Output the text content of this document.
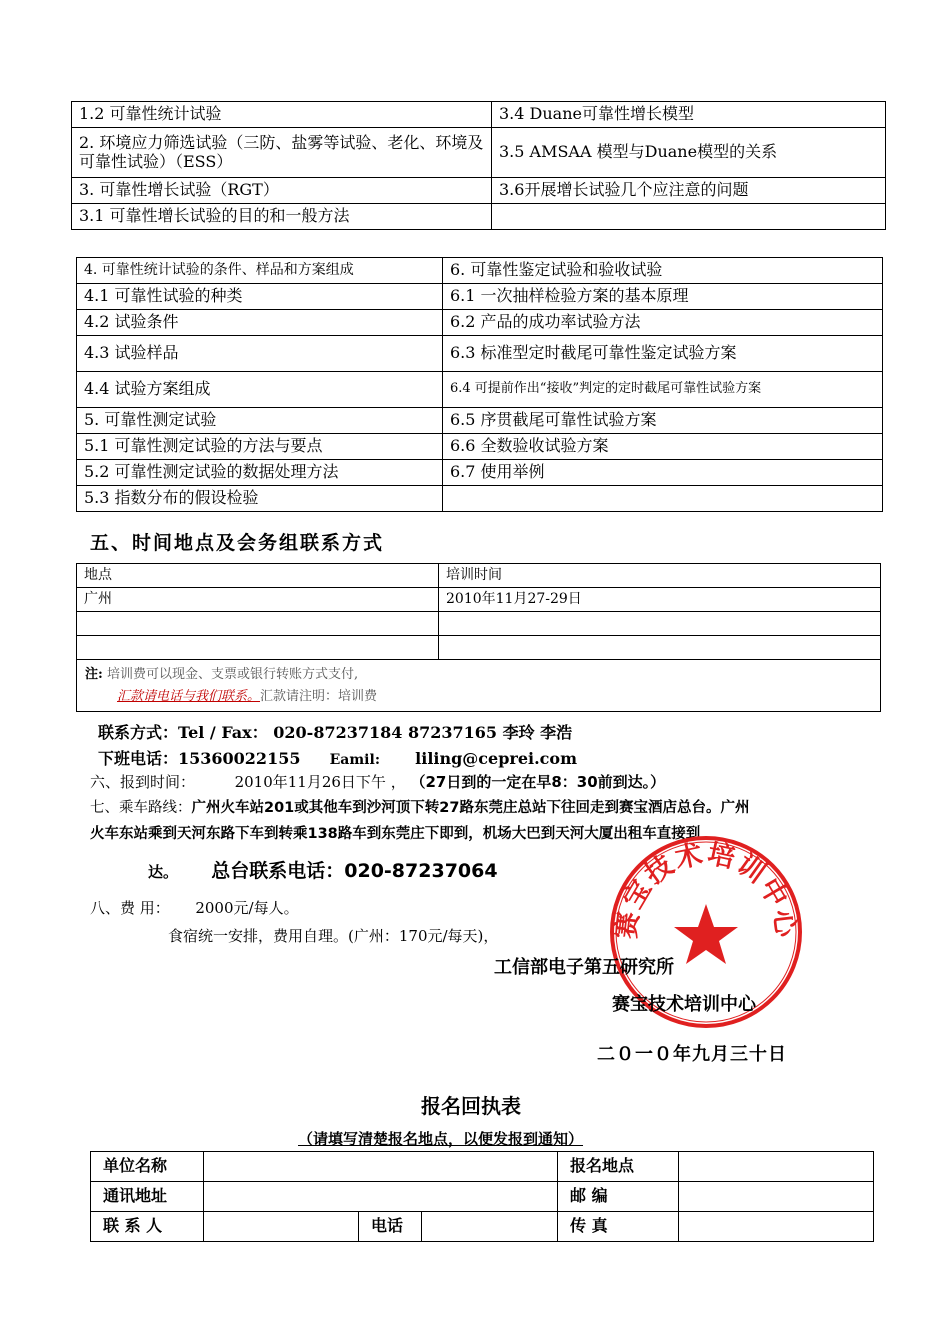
1.2 可靠性统计试验	3.4 Duane可靠性增长模型
2. 环境应力筛选试验（三防、盐雾等试验、老化、环境及可靠性试验）（ESS）	3.5 AMSAA 模型与Duane模型的关系
3. 可靠性增长试验（RGT）	3.6开展增长试验几个应注意的问题
3.1 可靠性增长试验的目的和一般方法	
4. 可靠性统计试验的条件、样品和方案组成	6. 可靠性鉴定试验和验收试验
4.1 可靠性试验的种类	6.1 一次抽样检验方案的基本原理
4.2 试验条件	6.2 产品的成功率试验方法
4.3 试验样品	6.3 标准型定时截尾可靠性鉴定试验方案
4.4 试验方案组成	6.4 可提前作出“接收”判定的定时截尾可靠性试验方案
5. 可靠性测定试验	6.5 序贯截尾可靠性试验方案
5.1 可靠性测定试验的方法与要点	6.6 全数验收试验方案
5.2 可靠性测定试验的数据处理方法	6.7 使用举例
5.3 指数分布的假设检验	
五、时间地点及会务组联系方式
地点	培训时间
广州	2010年11月27-29日

注: 培训费可以现金、支票或银行转账方式支付,
汇款请电话与我们联系。汇款请注明：培训费	
联系方式：Tel / Fax： 020-87237184 87237165 李玲 李浩
下班电话：15360022155 Eamil: liling@ceprei.com
六、报到时间：	2010年11月26日下午 ， （27日到的一定在早8：30前到达。）
七、乘车路线：广州火车站201或其他车到沙河顶下转27路东莞庄总站下往回走到赛宝酒店总台。广州
火车东站乘到天河东路下车到转乘138路车到东莞庄下即到，机场大巴到天河大厦出租车直接到
达。 总台联系电话：020-87237064
八、费 用： 2000元/每人。
食宿统一安排，费用自理。(广州：170元/每天)，	赛宝技术培训中心
工信部电子第五研究所
赛宝技术培训中心
二０一０年九月三十日
报名回执表
（请填写清楚报名地点，以便发报到通知）
单位名称				报名地点	
通讯地址				邮 编	
联 系 人		电话		传 真	
